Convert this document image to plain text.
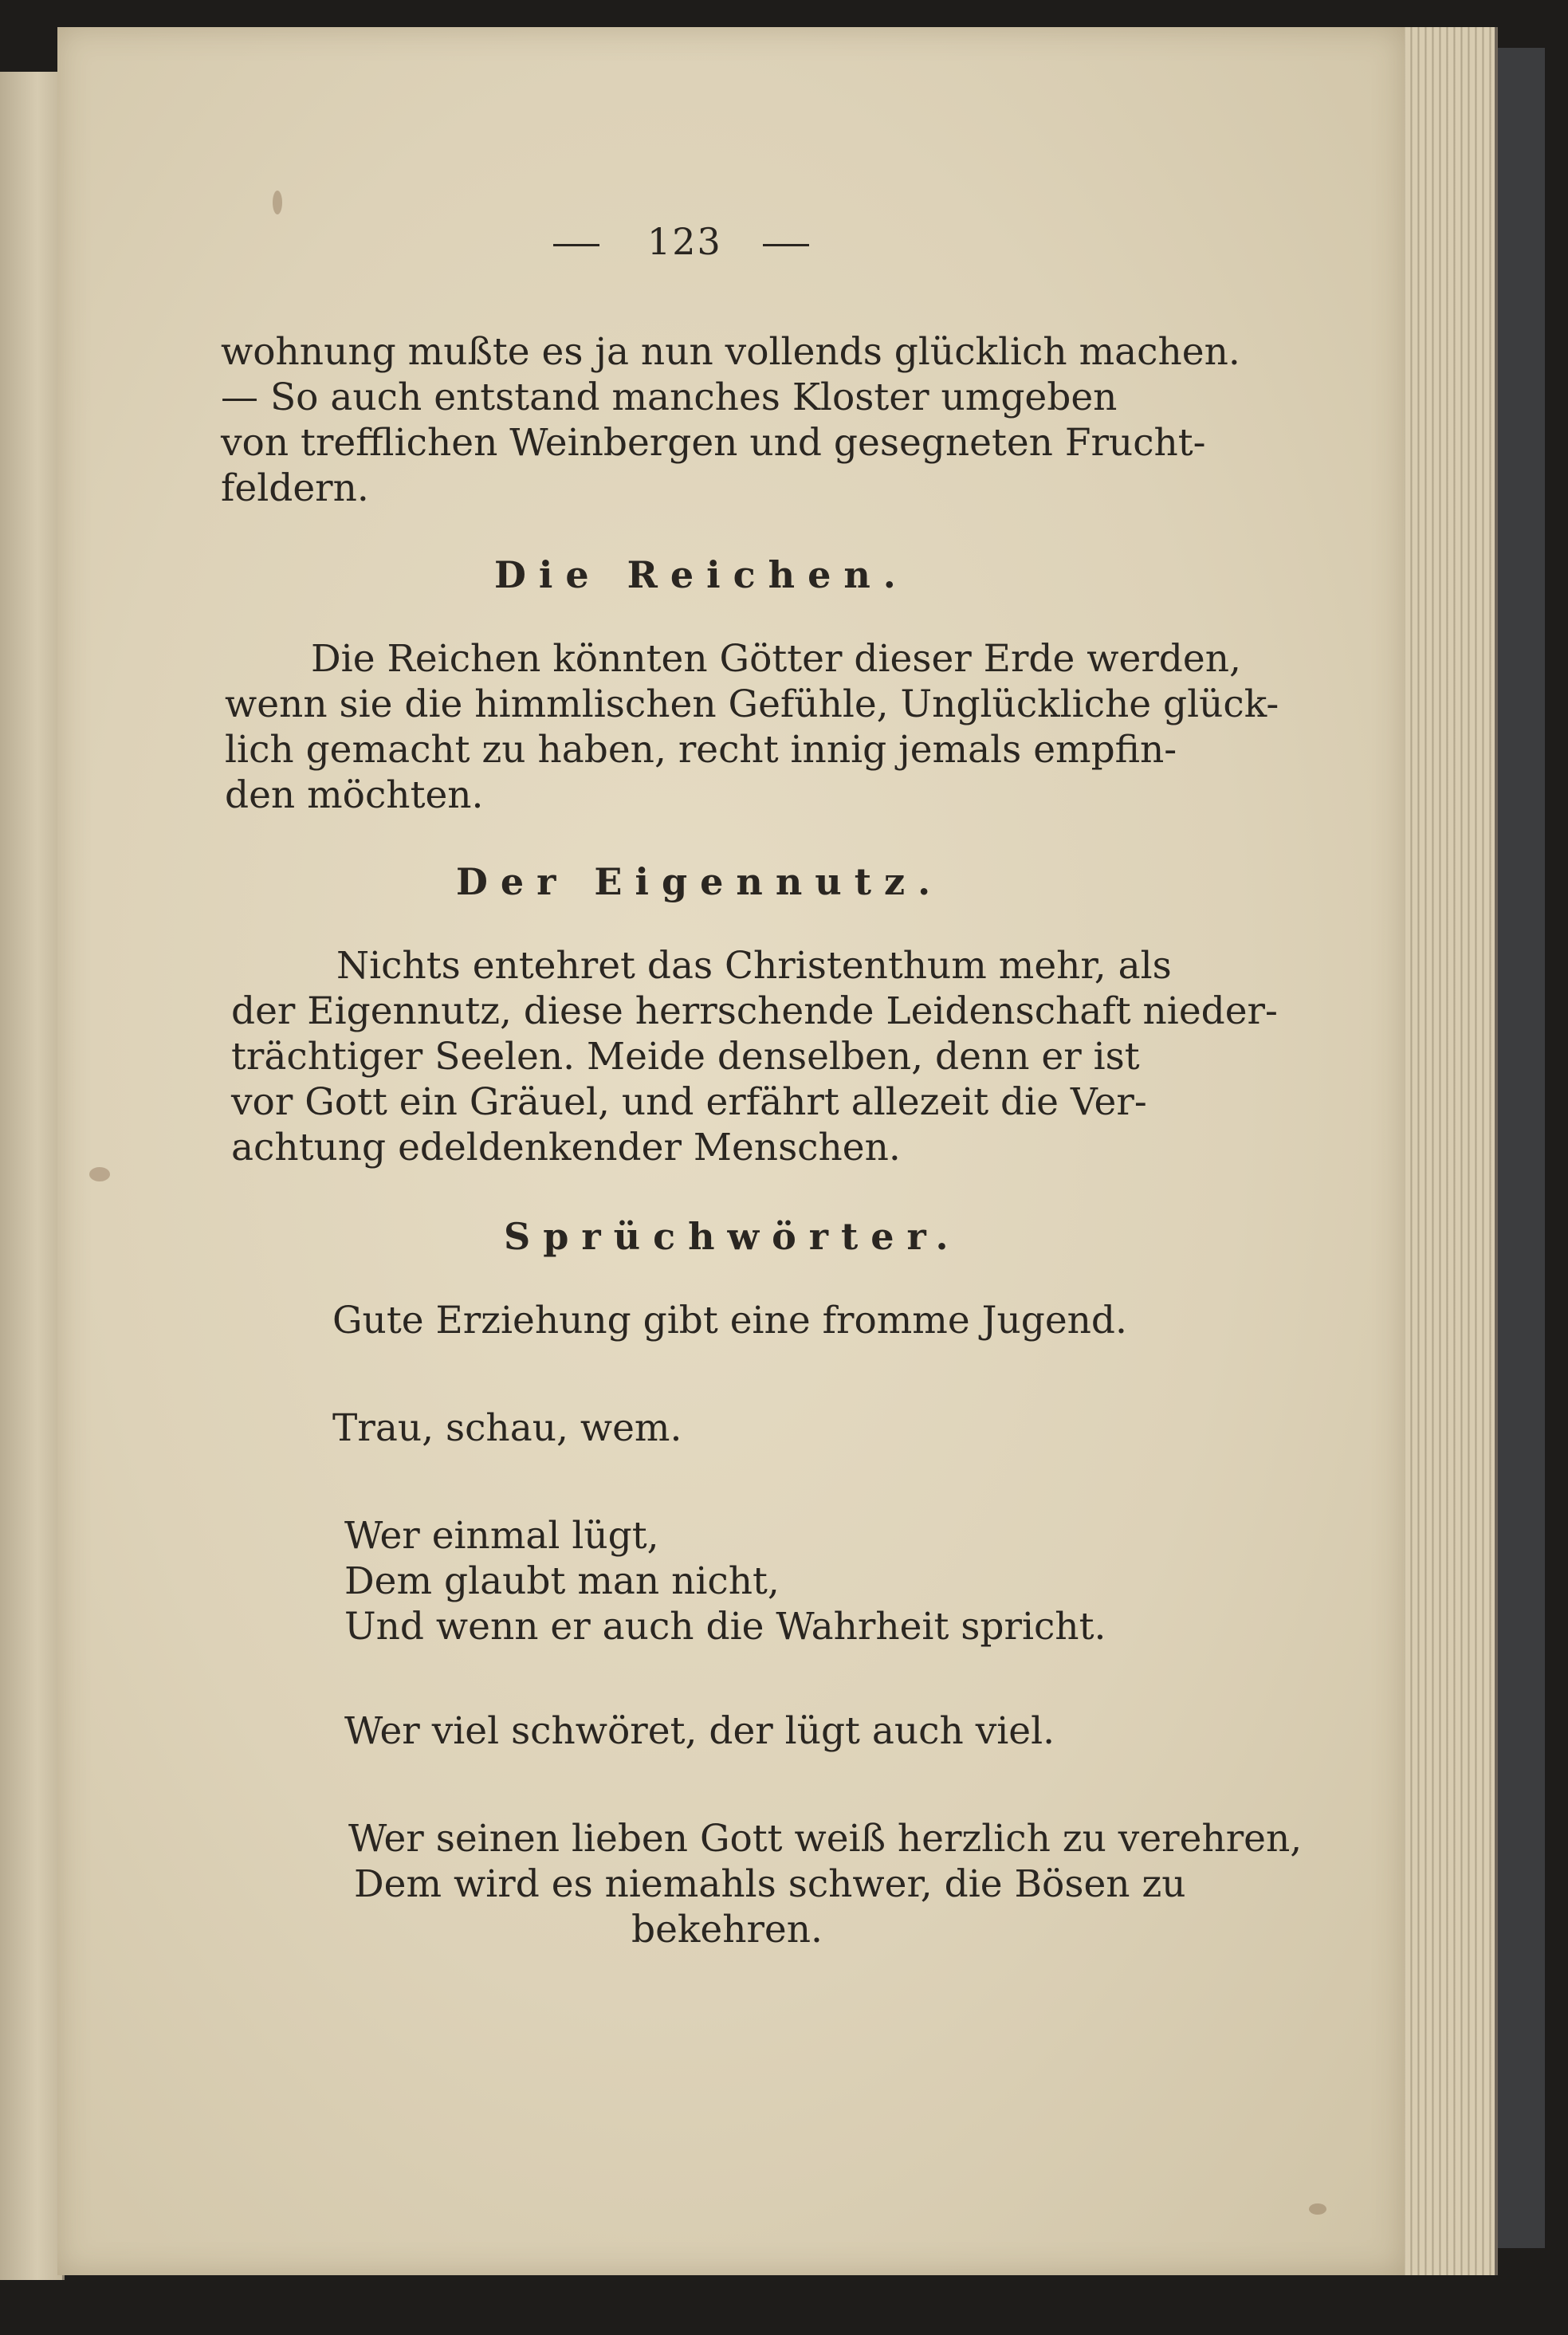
123

wohnung mußte es ja nun vollends glücklich machen.

— So auch entstand manches Kloster umgeben

von trefflichen Weinbergen und gesegneten Frucht-

feldern.

Die Reichen.

Die Reichen könnten Götter dieser Erde werden,

wenn sie die himmlischen Gefühle, Unglückliche glück-

lich gemacht zu haben, recht innig jemals empfin-

den möchten.

Der Eigennutz.

Nichts entehret das Christenthum mehr, als

der Eigennutz, diese herrschende Leidenschaft nieder-

trächtiger Seelen. Meide denselben, denn er ist

vor Gott ein Gräuel, und erfährt allezeit die Ver-

achtung edeldenkender Menschen.

Sprüchwörter.

Gute Erziehung gibt eine fromme Jugend.

Trau, schau, wem.

Wer einmal lügt,

Dem glaubt man nicht,

Und wenn er auch die Wahrheit spricht.

Wer viel schwöret, der lügt auch viel.

Wer seinen lieben Gott weiß herzlich zu verehren,

Dem wird es niemahls schwer, die Bösen zu

bekehren.
